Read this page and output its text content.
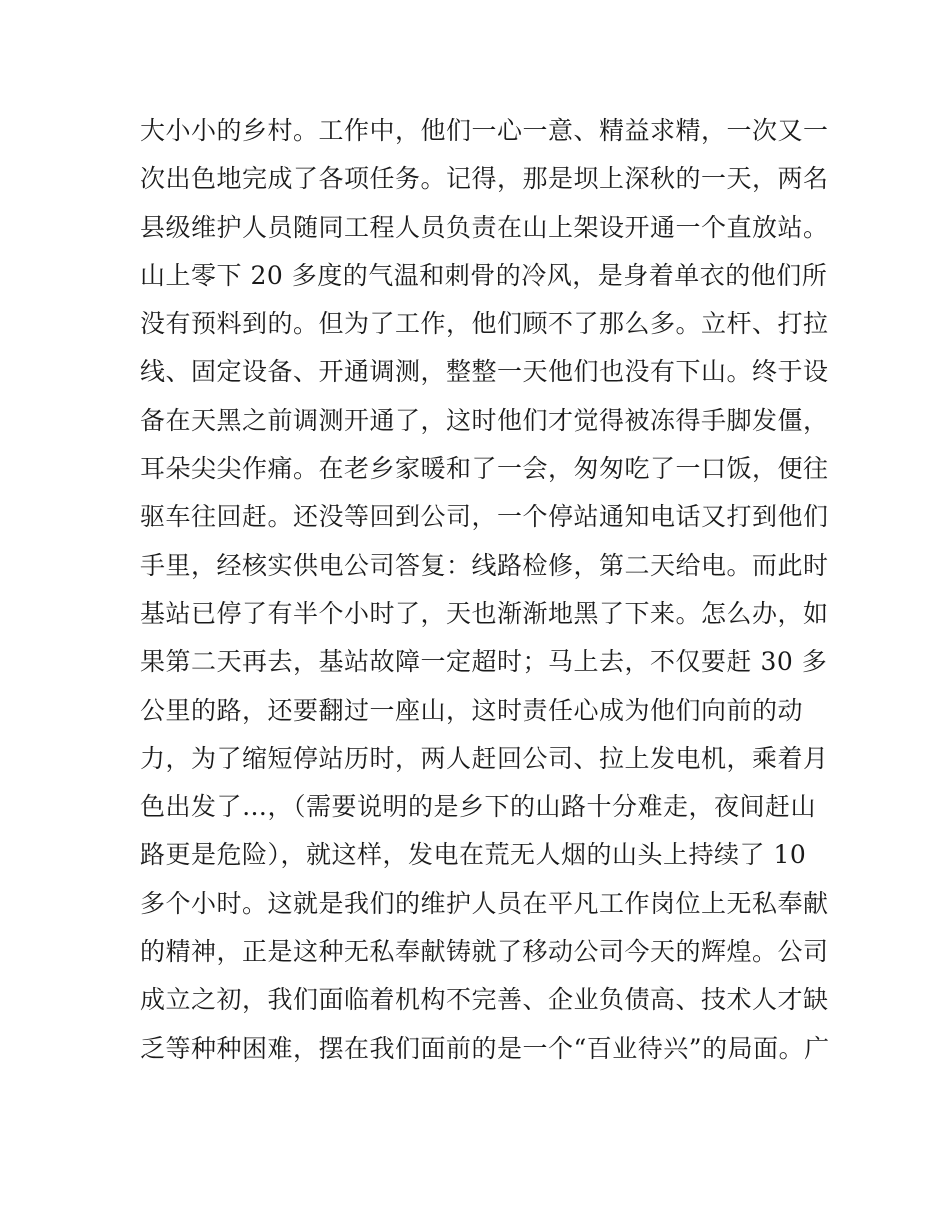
大小小的乡村。工作中，他们一心一意、精益求精，一次又一
次出色地完成了各项任务。记得，那是坝上深秋的一天，两名
县级维护人员随同工程人员负责在山上架设开通一个直放站。
山上零下 20 多度的气温和刺骨的冷风，是身着单衣的他们所
没有预料到的。但为了工作，他们顾不了那么多。立杆、打拉
线、固定设备、开通调测，整整一天他们也没有下山。终于设
备在天黑之前调测开通了，这时他们才觉得被冻得手脚发僵，
耳朵尖尖作痛。在老乡家暖和了一会，匆匆吃了一口饭，便往
驱车往回赶。还没等回到公司，一个停站通知电话又打到他们
手里，经核实供电公司答复：线路检修，第二天给电。而此时
基站已停了有半个小时了，天也渐渐地黑了下来。怎么办，如
果第二天再去，基站故障一定超时；马上去，不仅要赶 30 多
公里的路，还要翻过一座山，这时责任心成为他们向前的动
力，为了缩短停站历时，两人赶回公司、拉上发电机，乘着月
色出发了…，（需要说明的是乡下的山路十分难走，夜间赶山
路更是危险），就这样，发电在荒无人烟的山头上持续了 10
多个小时。这就是我们的维护人员在平凡工作岗位上无私奉献
的精神，正是这种无私奉献铸就了移动公司今天的辉煌。公司
成立之初，我们面临着机构不完善、企业负债高、技术人才缺
乏等种种困难，摆在我们面前的是一个“百业待兴”的局面。广
